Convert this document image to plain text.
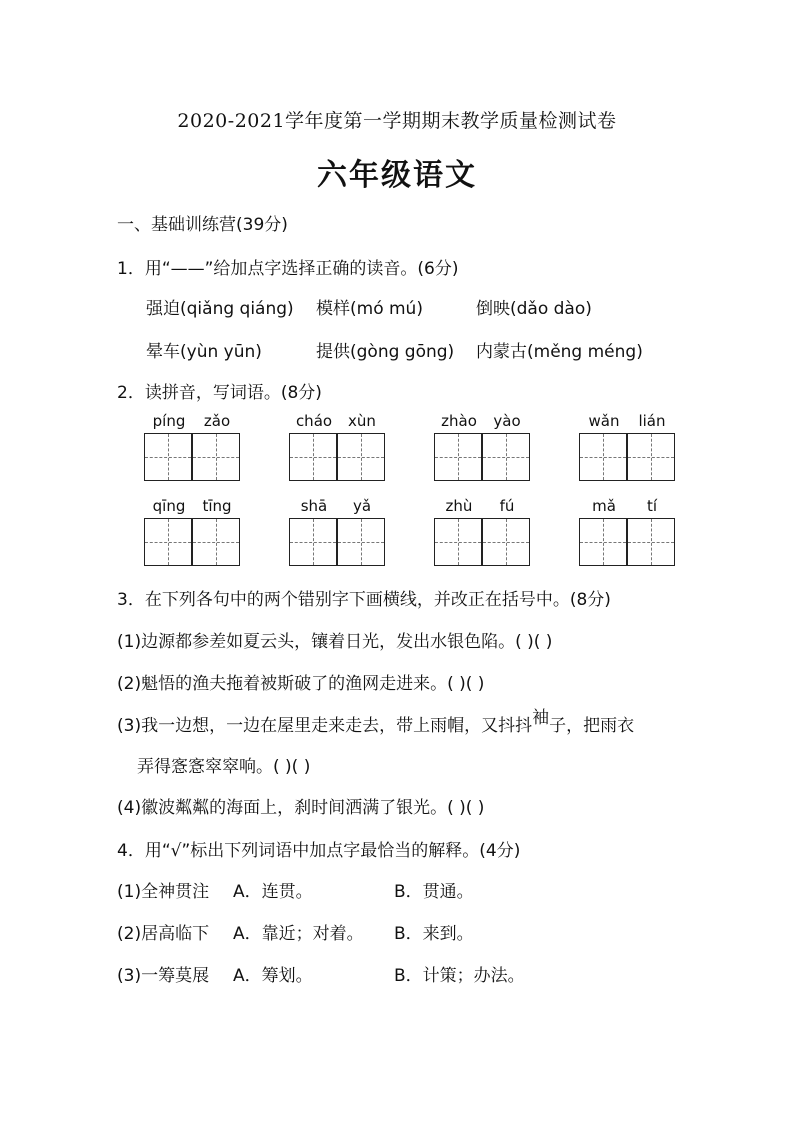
2020-2021学年度第一学期期末教学质量检测试卷
六年级语文
一、基础训练营(39分)
1．用“——”给加点字选择正确的读音。(6分)
强迫(qiǎng qiáng) 模样(mó mú)	倒映(dǎo dào)
晕车(yùn yūn)	提供(gòng gōng) 内蒙古(měng méng)
2．读拼音，写词语。(8分)
píng	zǎo	cháo	xùn	zhào	yào	wǎn	lián
qīng	tīng	shā	yǎ	zhù	fú	mǎ	tí
3．在下列各句中的两个错别字下画横线，并改正在括号中。(8分)
(1)边源都参差如夏云头，镶着日光，发出水银色陷。( )( )
(2)魁悟的渔夫拖着被斯破了的渔网走进来。( )( )
(3)我一边想，一边在屋里走来走去，带上雨帽，又抖抖袖子，把雨衣
弄得愙愙窣窣响。( )( )
(4)徽波粼粼的海面上，刹时间洒满了银光。( )( )
4．用“√”标出下列词语中加点字最恰当的解释。(4分)
(1)全神贯注 A．连贯。	B．贯通。
(2)居高临下 A．靠近；对着。 B．来到。
(3)一筹莫展 A．筹划。	B．计策；办法。
